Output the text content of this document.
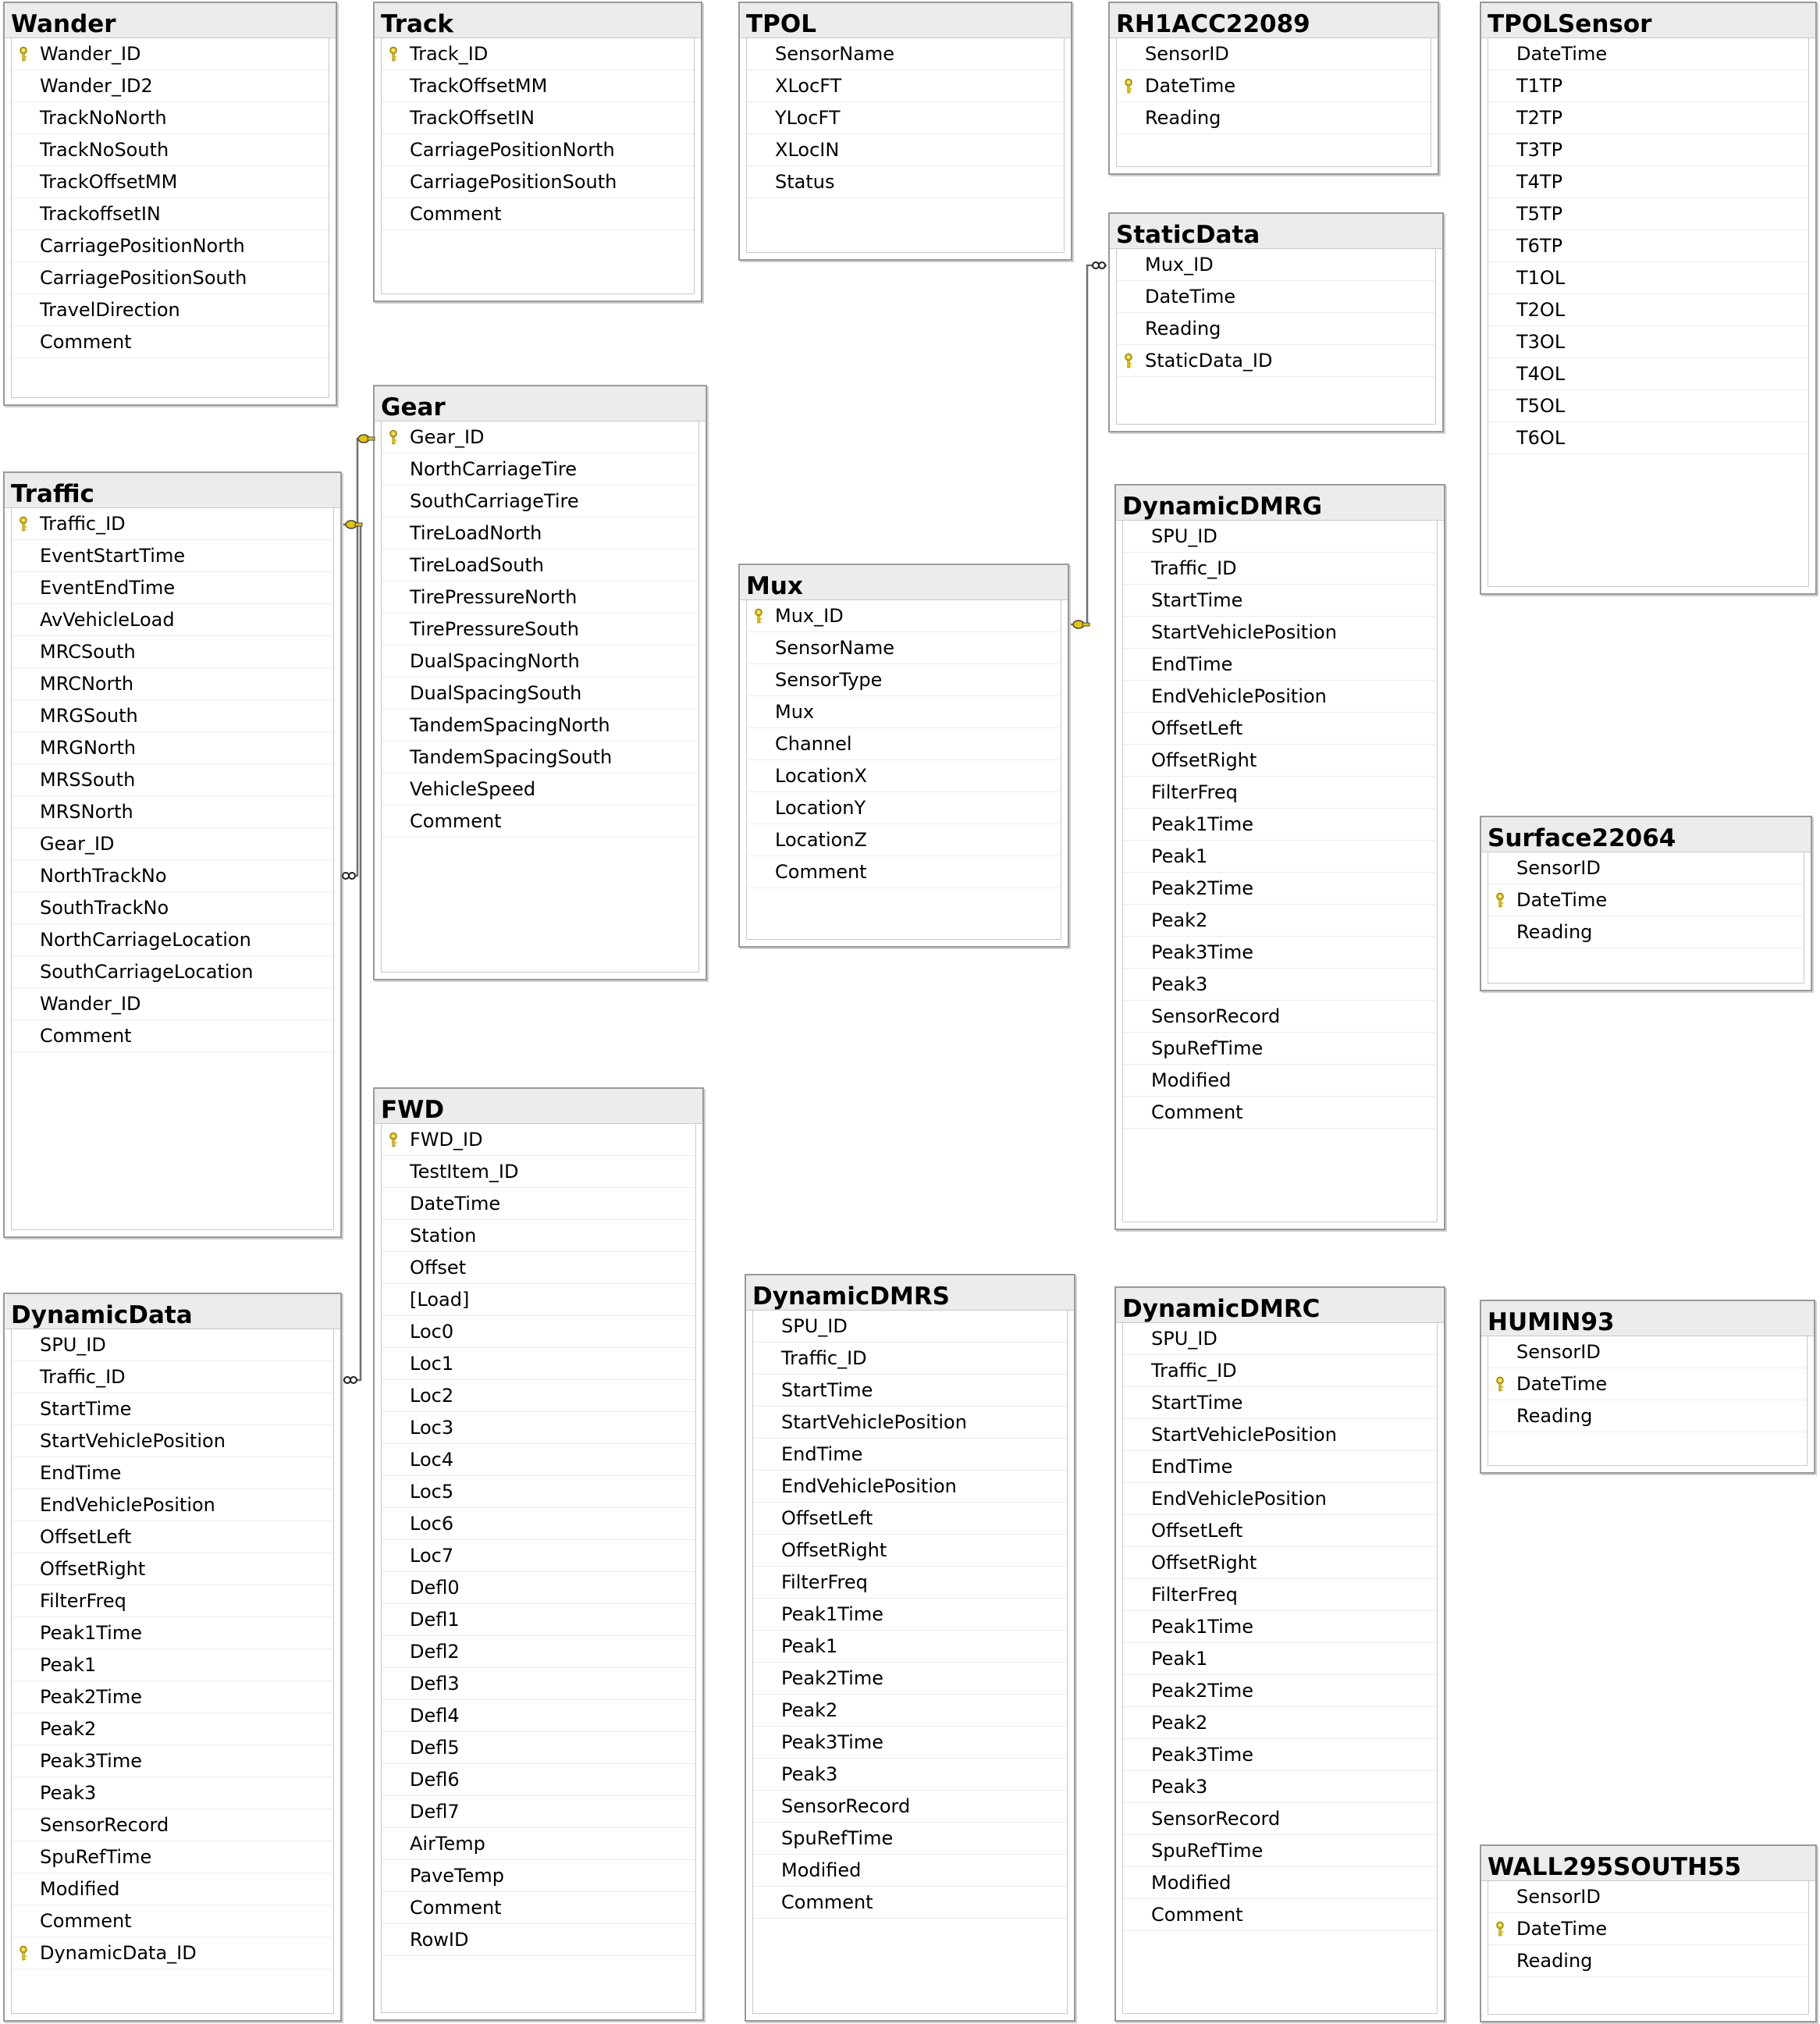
Wander
Wander_ID
Wander_ID2
TrackNoNorth
TrackNoSouth
TrackOffsetMM
TrackoffsetIN
CarriagePositionNorth
CarriagePositionSouth
TravelDirection
Comment
Track
Track_ID
TrackOffsetMM
TrackOffsetIN
CarriagePositionNorth
CarriagePositionSouth
Comment
TPOL
SensorName
XLocFT
YLocFT
XLocIN
Status
RH1ACC22089
SensorID
DateTime
Reading
TPOLSensor
DateTime
T1TP
T2TP
T3TP
T4TP
T5TP
T6TP
T1OL
T2OL
T3OL
T4OL
T5OL
T6OL
StaticData
Mux_ID
DateTime
Reading
StaticData_ID
Gear
Gear_ID
NorthCarriageTire
SouthCarriageTire
TireLoadNorth
TireLoadSouth
TirePressureNorth
TirePressureSouth
DualSpacingNorth
DualSpacingSouth
TandemSpacingNorth
TandemSpacingSouth
VehicleSpeed
Comment
Traffic
Traffic_ID
EventStartTime
EventEndTime
AvVehicleLoad
MRCSouth
MRCNorth
MRGSouth
MRGNorth
MRSSouth
MRSNorth
Gear_ID
NorthTrackNo
SouthTrackNo
NorthCarriageLocation
SouthCarriageLocation
Wander_ID
Comment
DynamicDMRG
SPU_ID
Traffic_ID
StartTime
StartVehiclePosition
EndTime
EndVehiclePosition
OffsetLeft
OffsetRight
FilterFreq
Peak1Time
Peak1
Peak2Time
Peak2
Peak3Time
Peak3
SensorRecord
SpuRefTime
Modified
Comment
Mux
Mux_ID
SensorName
SensorType
Mux
Channel
LocationX
LocationY
LocationZ
Comment
Surface22064
SensorID
DateTime
Reading
FWD
FWD_ID
TestItem_ID
DateTime
Station
Offset
[Load]
Loc0
Loc1
Loc2
Loc3
Loc4
Loc5
Loc6
Loc7
Defl0
Defl1
Defl2
Defl3
Defl4
Defl5
Defl6
Defl7
AirTemp
PaveTemp
Comment
RowID
DynamicData
SPU_ID
Traffic_ID
StartTime
StartVehiclePosition
EndTime
EndVehiclePosition
OffsetLeft
OffsetRight
FilterFreq
Peak1Time
Peak1
Peak2Time
Peak2
Peak3Time
Peak3
SensorRecord
SpuRefTime
Modified
Comment
DynamicData_ID
DynamicDMRS
SPU_ID
Traffic_ID
StartTime
StartVehiclePosition
EndTime
EndVehiclePosition
OffsetLeft
OffsetRight
FilterFreq
Peak1Time
Peak1
Peak2Time
Peak2
Peak3Time
Peak3
SensorRecord
SpuRefTime
Modified
Comment
DynamicDMRC
SPU_ID
Traffic_ID
StartTime
StartVehiclePosition
EndTime
EndVehiclePosition
OffsetLeft
OffsetRight
FilterFreq
Peak1Time
Peak1
Peak2Time
Peak2
Peak3Time
Peak3
SensorRecord
SpuRefTime
Modified
Comment
HUMIN93
SensorID
DateTime
Reading
WALL295SOUTH55
SensorID
DateTime
Reading
